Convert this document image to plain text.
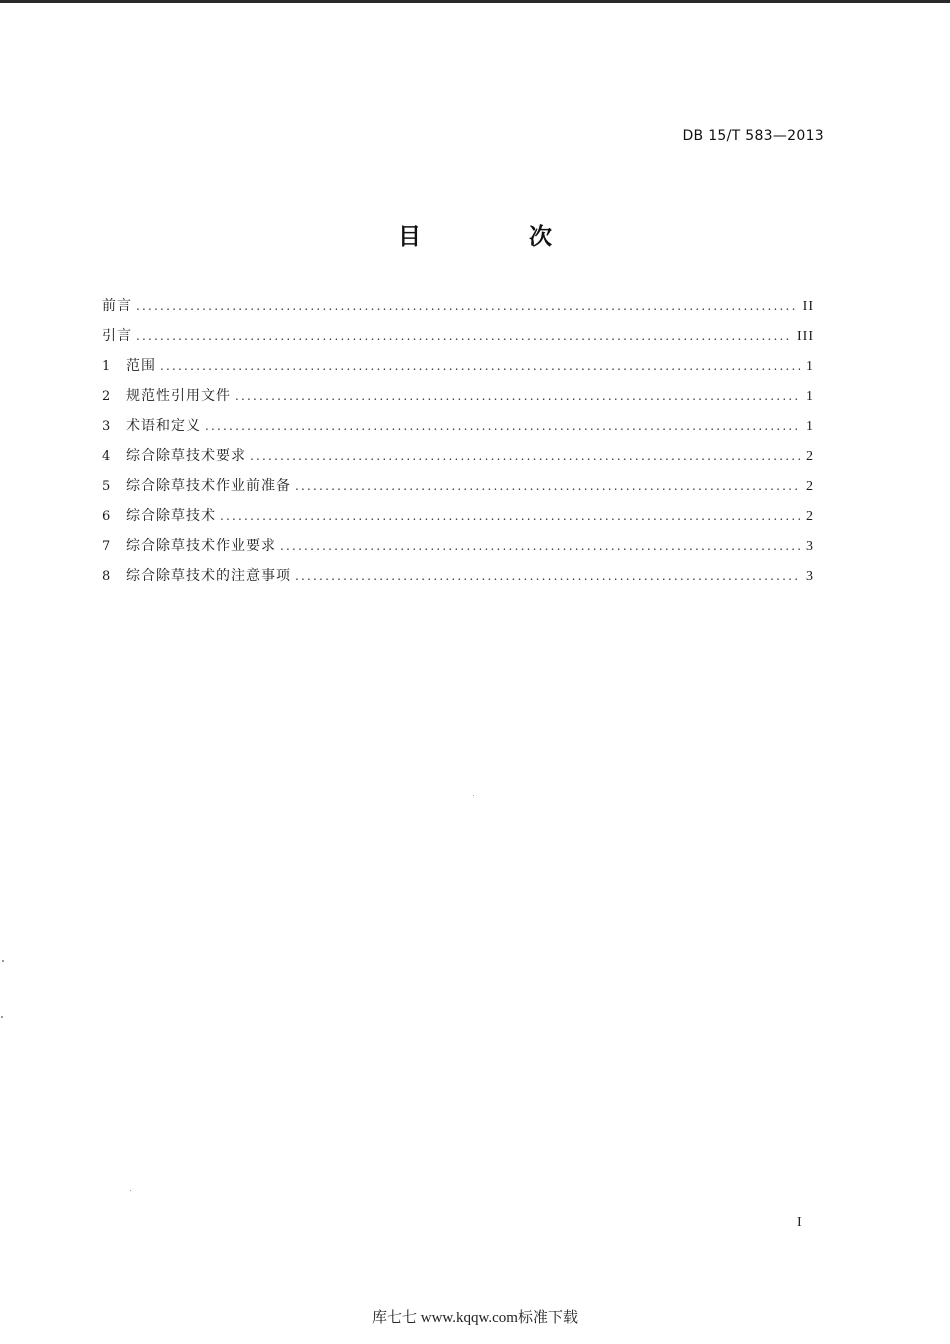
DB 15/T 583—2013
目 次
前言 .....	II
引言 .....	III
1	范围 .....	1
2	规范性引用文件 .....	1
3	术语和定义 .....	1
4	综合除草技术要求 .....	2
5	综合除草技术作业前准备 .....	2
6	综合除草技术 .....	2
7	综合除草技术作业要求 .....	3
8	综合除草技术的注意事项 .....	3
I
库七七 www.kqqw.com标准下载
